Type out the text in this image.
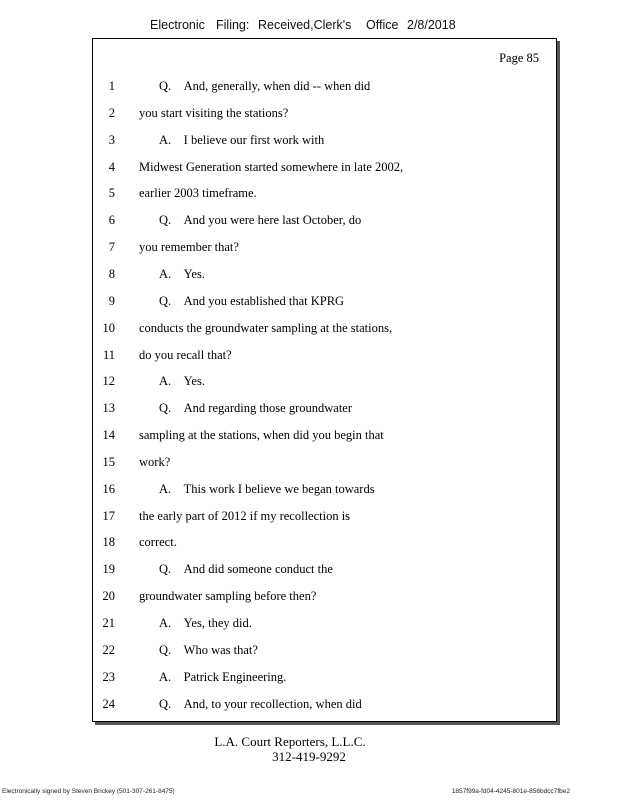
Electronic Filing: Received,Clerk's Office 2/8/2018
Page 85
1	Q. And, generally, when did -- when did
2 you start visiting the stations?
3	A. I believe our first work with
4 Midwest Generation started somewhere in late 2002,
5 earlier 2003 timeframe.
6	Q. And you were here last October, do
7 you remember that?
8	A. Yes.
9	Q. And you established that KPRG
10 conducts the groundwater sampling at the stations,
11 do you recall that?
12	A. Yes.
13	Q. And regarding those groundwater
14 sampling at the stations, when did you begin that
15 work?
16	A. This work I believe we began towards
17 the early part of 2012 if my recollection is
18 correct.
19	Q. And did someone conduct the
20 groundwater sampling before then?
21	A. Yes, they did.
22	Q. Who was that?
23	A. Patrick Engineering.
24	Q. And, to your recollection, when did
L.A. Court Reporters, L.L.C.
312-419-9292
Electronically signed by Steven Brickey (501-307-261-8475)	1857f99a-fd04-4245-801e-856bdcc7fbe2
